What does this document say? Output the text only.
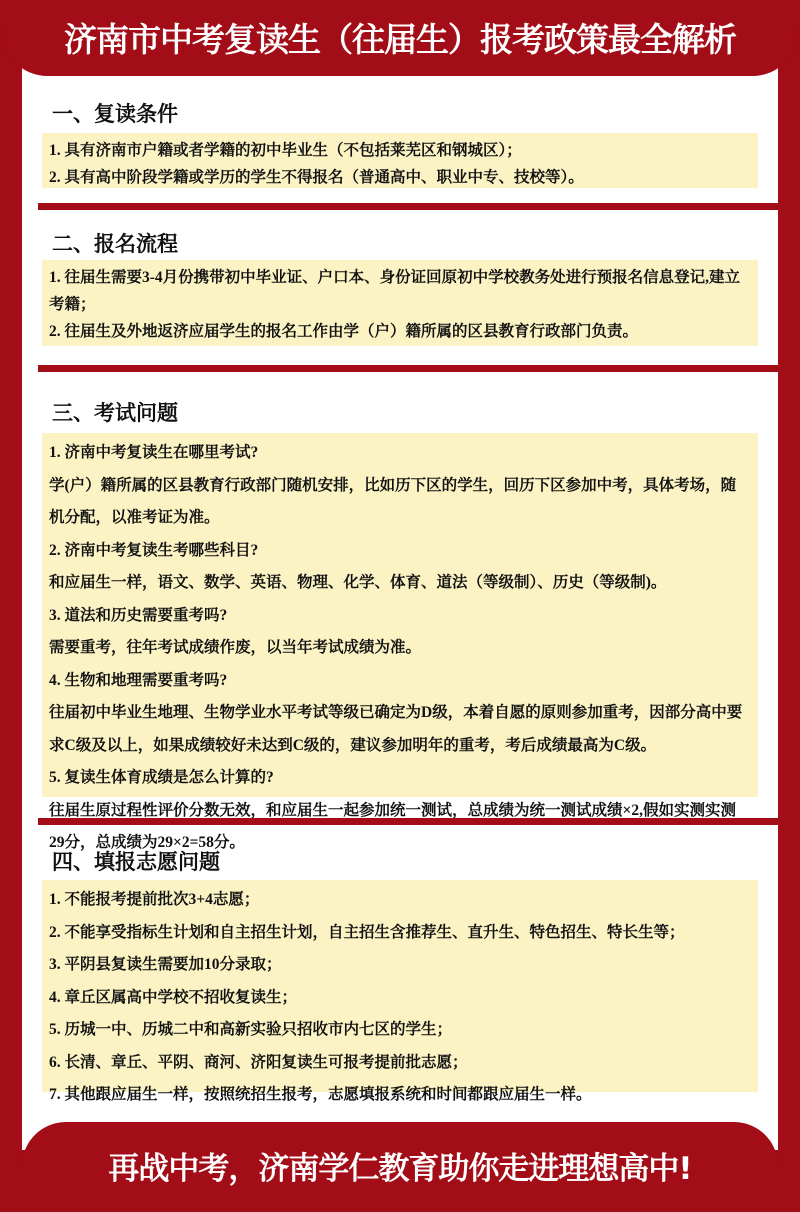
济南市中考复读生（往届生）报考政策最全解析
一、复读条件

1. 具有济南市户籍或者学籍的初中毕业生（不包括莱芜区和钢城区）；

2. 具有高中阶段学籍或学历的学生不得报名（普通高中、职业中专、技校等）。

二、报名流程

1. 往届生需要3-4月份携带初中毕业证、户口本、身份证回原初中学校教务处进行预报名信息登记,建立考籍；

2. 往届生及外地返济应届学生的报名工作由学（户）籍所属的区县教育行政部门负责。

三、考试问题

1. 济南中考复读生在哪里考试?

学(户）籍所属的区县教育行政部门随机安排，比如历下区的学生，回历下区参加中考，具体考场，随机分配，以准考证为准。

2. 济南中考复读生考哪些科目?

和应届生一样，语文、数学、英语、物理、化学、体育、道法（等级制）、历史（等级制)。

3. 道法和历史需要重考吗?

需要重考，往年考试成绩作废，以当年考试成绩为准。

4. 生物和地理需要重考吗?

往届初中毕业生地理、生物学业水平考试等级已确定为D级，本着自愿的原则参加重考，因部分高中要求C级及以上，如果成绩较好未达到C级的，建议参加明年的重考，考后成绩最高为C级。

5. 复读生体育成绩是怎么计算的?

往届生原过程性评价分数无效，和应届生一起参加统一测试，总成绩为统一测试成绩×2,假如实测实测29分，总成绩为29×2=58分。

四、填报志愿问题

1. 不能报考提前批次3+4志愿；

2. 不能享受指标生计划和自主招生计划，自主招生含推荐生、直升生、特色招生、特长生等；

3. 平阴县复读生需要加10分录取；

4. 章丘区属高中学校不招收复读生；

5. 历城一中、历城二中和高新实验只招收市内七区的学生；

6. 长清、章丘、平阴、商河、济阳复读生可报考提前批志愿；

7. 其他跟应届生一样，按照统招生报考，志愿填报系统和时间都跟应届生一样。

再战中考，济南学仁教育助你走进理想高中!
